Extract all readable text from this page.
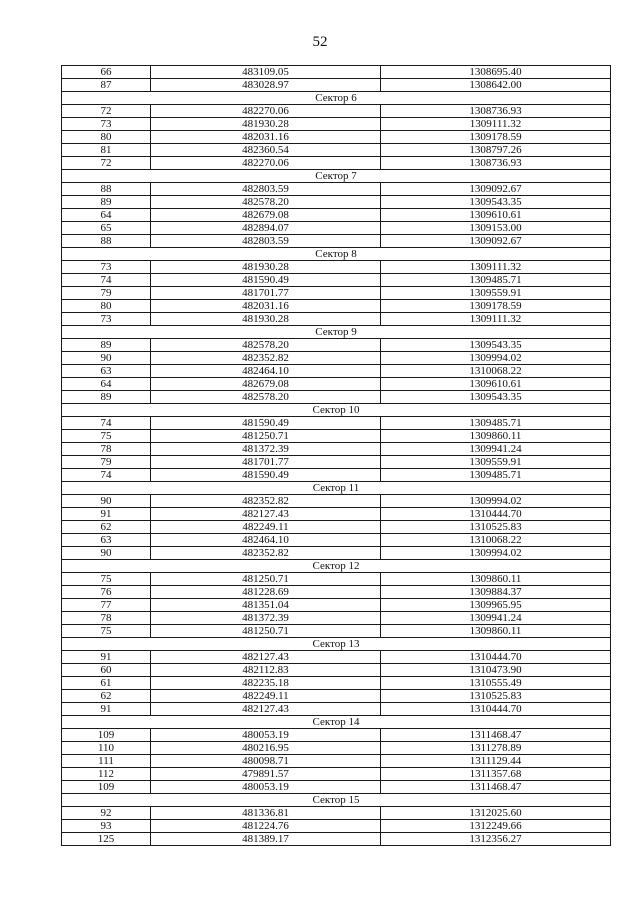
52
66	483109.05	1308695.40
87	483028.97	1308642.00
Сектор 6		
72	482270.06	1308736.93
73	481930.28	1309111.32
80	482031.16	1309178.59
81	482360.54	1308797.26
72	482270.06	1308736.93
Сектор 7		
88	482803.59	1309092.67
89	482578.20	1309543.35
64	482679.08	1309610.61
65	482894.07	1309153.00
88	482803.59	1309092.67
Сектор 8		
73	481930.28	1309111.32
74	481590.49	1309485.71
79	481701.77	1309559.91
80	482031.16	1309178.59
73	481930.28	1309111.32
Сектор 9		
89	482578.20	1309543.35
90	482352.82	1309994.02
63	482464.10	1310068.22
64	482679.08	1309610.61
89	482578.20	1309543.35
Сектор 10		
74	481590.49	1309485.71
75	481250.71	1309860.11
78	481372.39	1309941.24
79	481701.77	1309559.91
74	481590.49	1309485.71
Сектор 11		
90	482352.82	1309994.02
91	482127.43	1310444.70
62	482249.11	1310525.83
63	482464.10	1310068.22
90	482352.82	1309994.02
Сектор 12		
75	481250.71	1309860.11
76	481228.69	1309884.37
77	481351.04	1309965.95
78	481372.39	1309941.24
75	481250.71	1309860.11
Сектор 13		
91	482127.43	1310444.70
60	482112.83	1310473.90
61	482235.18	1310555.49
62	482249.11	1310525.83
91	482127.43	1310444.70
Сектор 14		
109	480053.19	1311468.47
110	480216.95	1311278.89
111	480098.71	1311129.44
112	479891.57	1311357.68
109	480053.19	1311468.47
Сектор 15		
92	481336.81	1312025.60
93	481224.76	1312249.66
125	481389.17	1312356.27
